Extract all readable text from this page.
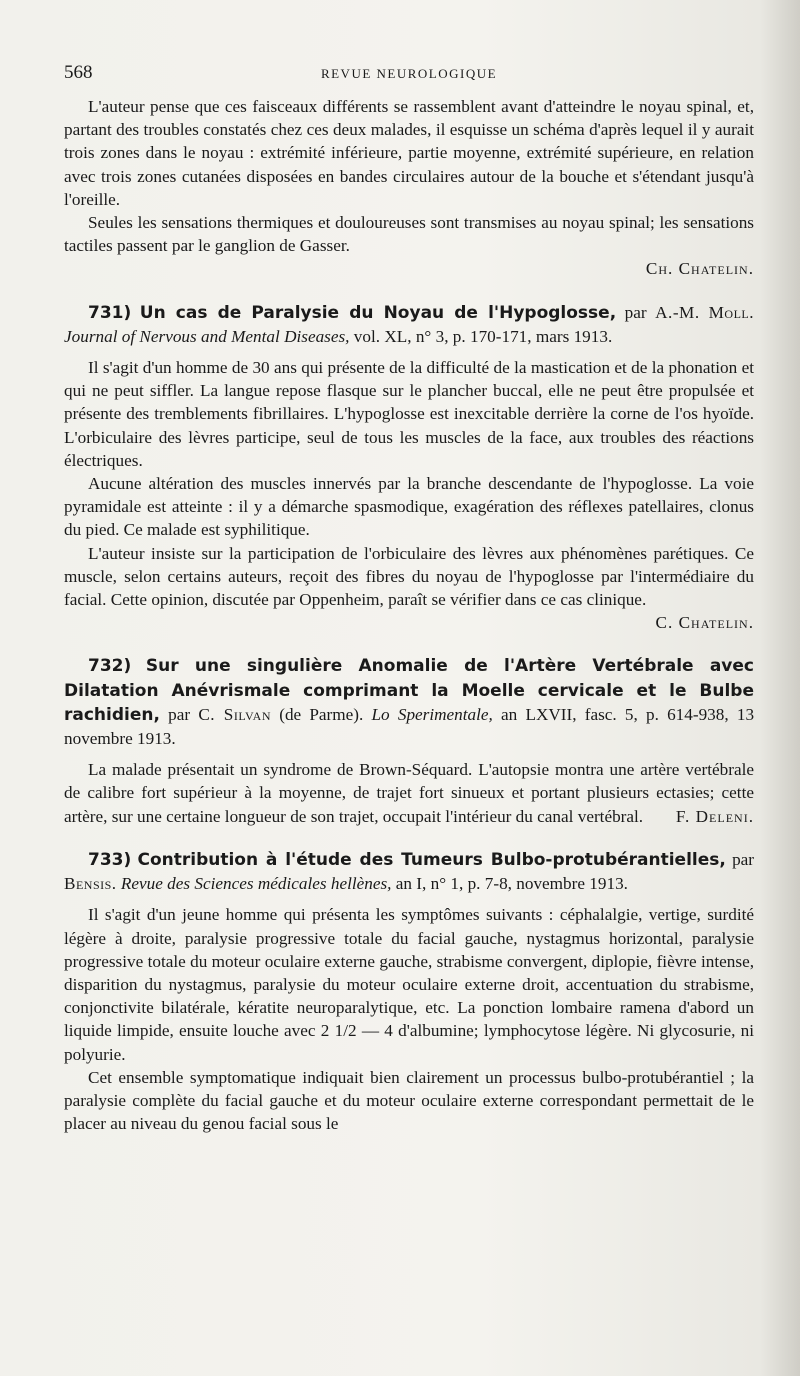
568	REVUE NEUROLOGIQUE

L'auteur pense que ces faisceaux différents se rassemblent avant d'atteindre le noyau spinal, et, partant des troubles constatés chez ces deux malades, il esquisse un schéma d'après lequel il y aurait trois zones dans le noyau : extrémité inférieure, partie moyenne, extrémité supérieure, en relation avec trois zones cutanées disposées en bandes circulaires autour de la bouche et s'étendant jusqu'à l'oreille.

Seules les sensations thermiques et douloureuses sont transmises au noyau spinal; les sensations tactiles passent par le ganglion de Gasser.

Ch. Chatelin.

731) Un cas de Paralysie du Noyau de l'Hypoglosse, par A.-M. Moll. Journal of Nervous and Mental Diseases, vol. XL, n° 3, p. 170-171, mars 1913.

Il s'agit d'un homme de 30 ans qui présente de la difficulté de la mastication et de la phonation et qui ne peut siffler. La langue repose flasque sur le plancher buccal, elle ne peut être propulsée et présente des tremblements fibrillaires. L'hypoglosse est inexcitable derrière la corne de l'os hyoïde. L'orbiculaire des lèvres participe, seul de tous les muscles de la face, aux troubles des réactions électriques.

Aucune altération des muscles innervés par la branche descendante de l'hypoglosse. La voie pyramidale est atteinte : il y a démarche spasmodique, exagération des réflexes patellaires, clonus du pied. Ce malade est syphilitique.

L'auteur insiste sur la participation de l'orbiculaire des lèvres aux phénomènes parétiques. Ce muscle, selon certains auteurs, reçoit des fibres du noyau de l'hypoglosse par l'intermédiaire du facial. Cette opinion, discutée par Oppenheim, paraît se vérifier dans ce cas clinique.
C. Chatelin.

732) Sur une singulière Anomalie de l'Artère Vertébrale avec Dilatation Anévrismale comprimant la Moelle cervicale et le Bulbe rachidien, par C. Silvan (de Parme). Lo Sperimentale, an LXVII, fasc. 5, p. 614-938, 13 novembre 1913.

La malade présentait un syndrome de Brown-Séquard. L'autopsie montra une artère vertébrale de calibre fort supérieur à la moyenne, de trajet fort sinueux et portant plusieurs ectasies; cette artère, sur une certaine longueur de son trajet, occupait l'intérieur du canal vertébral.	F. Deleni.

733) Contribution à l'étude des Tumeurs Bulbo-protubérantielles, par Bensis. Revue des Sciences médicales hellènes, an I, n° 1, p. 7-8, novembre 1913.

Il s'agit d'un jeune homme qui présenta les symptômes suivants : céphalalgie, vertige, surdité légère à droite, paralysie progressive totale du facial gauche, nystagmus horizontal, paralysie progressive totale du moteur oculaire externe gauche, strabisme convergent, diplopie, fièvre intense, disparition du nystagmus, paralysie du moteur oculaire externe droit, accentuation du strabisme, conjonctivite bilatérale, kératite neuroparalytique, etc. La ponction lombaire ramena d'abord un liquide limpide, ensuite louche avec 2 1/2 — 4 d'albumine; lymphocytose légère. Ni glycosurie, ni polyurie.

Cet ensemble symptomatique indiquait bien clairement un processus bulbo-protubérantiel ; la paralysie complète du facial gauche et du moteur oculaire externe correspondant permettait de le placer au niveau du genou facial sous le
